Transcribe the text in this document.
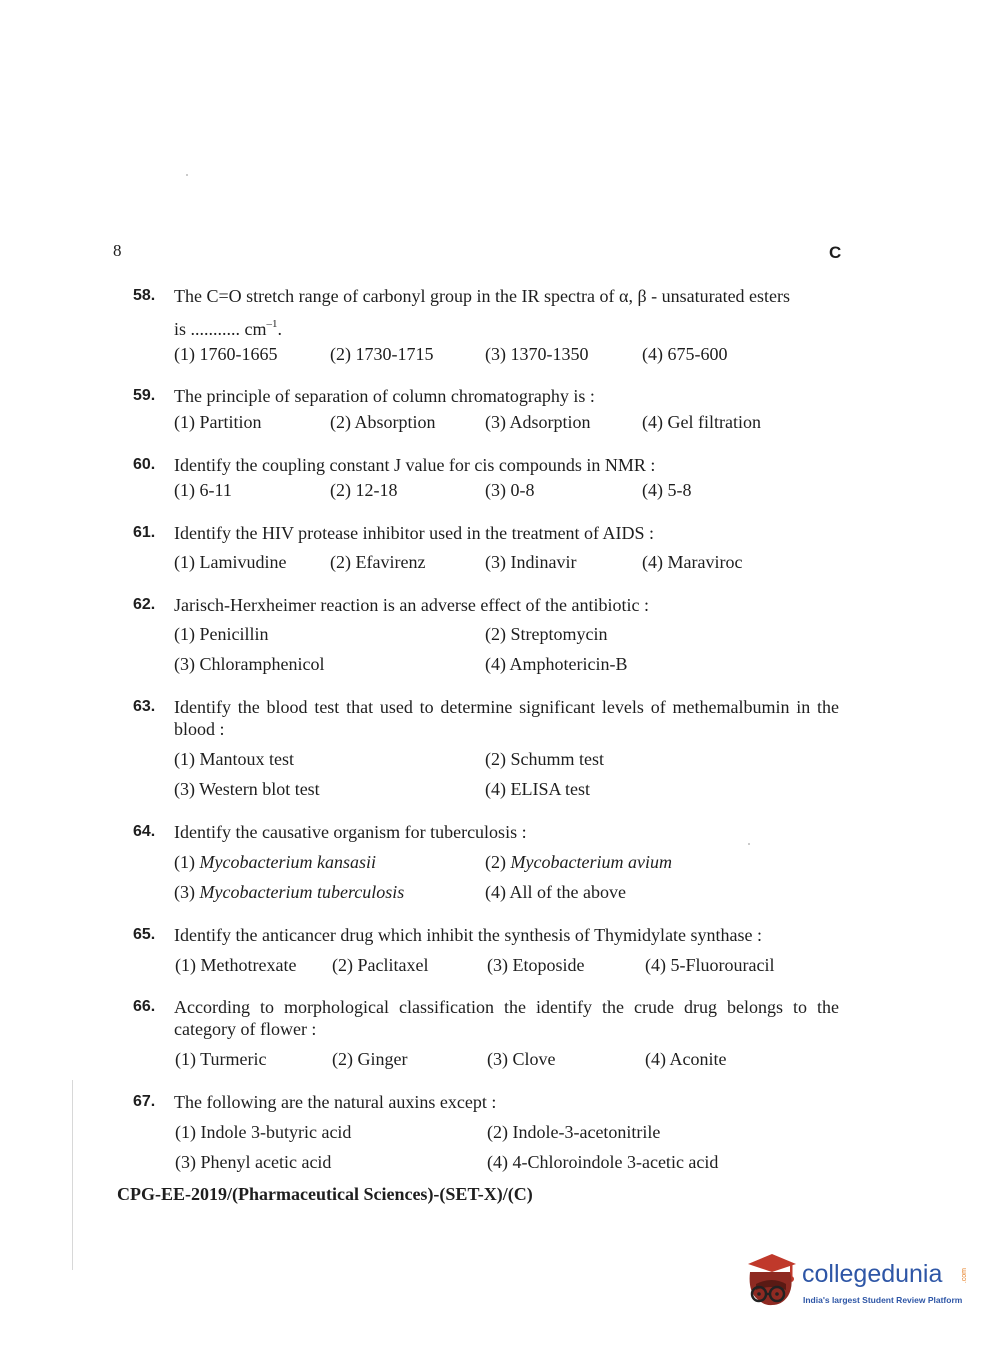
8	C
58. The C=O stretch range of carbonyl group in the IR spectra of α, β - unsaturated esters
is ........... $cm^{-1}$.
(1) 1760-1665	(2) 1730-1715	(3) 1370-1350	(4) 675-600
59. The principle of separation of column chromatography is :
(1) Partition	(2) Absorption	(3) Adsorption	(4) Gel filtration
60. Identify the coupling constant J value for cis compounds in NMR :
(1) 6-11	(2) 12-18	(3) 0-8	(4) 5-8
61. Identify the HIV protease inhibitor used in the treatment of AIDS :
(1) Lamivudine (2) Efavirenz	(3) Indinavir	(4) Maraviroc
62. Jarisch-Herxheimer reaction is an adverse effect of the antibiotic :
(1) Penicillin	(2) Streptomycin
(3) Chloramphenicol	(4) Amphotericin-B
63. Identify the blood test that used to determine significant levels of methemalbumin in the blood :
(1) Mantoux test	(2) Schumm test
(3) Western blot test	(4) ELISA test
64. Identify the causative organism for tuberculosis :
(1) Mycobacterium kansasii	(2) Mycobacterium avium
(3) Mycobacterium tuberculosis	(4) All of the above
65. Identify the anticancer drug which inhibit the synthesis of Thymidylate synthase :
(1) Methotrexate (2) Paclitaxel	(3) Etoposide	(4) 5-Fluorouracil
66. According to morphological classification the identify the crude drug belongs to the category of flower :
(1) Turmeric	(2) Ginger	(3) Clove	(4) Aconite
67. The following are the natural auxins except :
(1) Indole 3-butyric acid	(2) Indole-3-acetonitrile
(3) Phenyl acetic acid	(4) 4-Chloroindole 3-acetic acid
CPG-EE-2019/(Pharmaceutical Sciences)-(SET-X)/(C)
collegedunia	.com
India's largest Student Review Platform
